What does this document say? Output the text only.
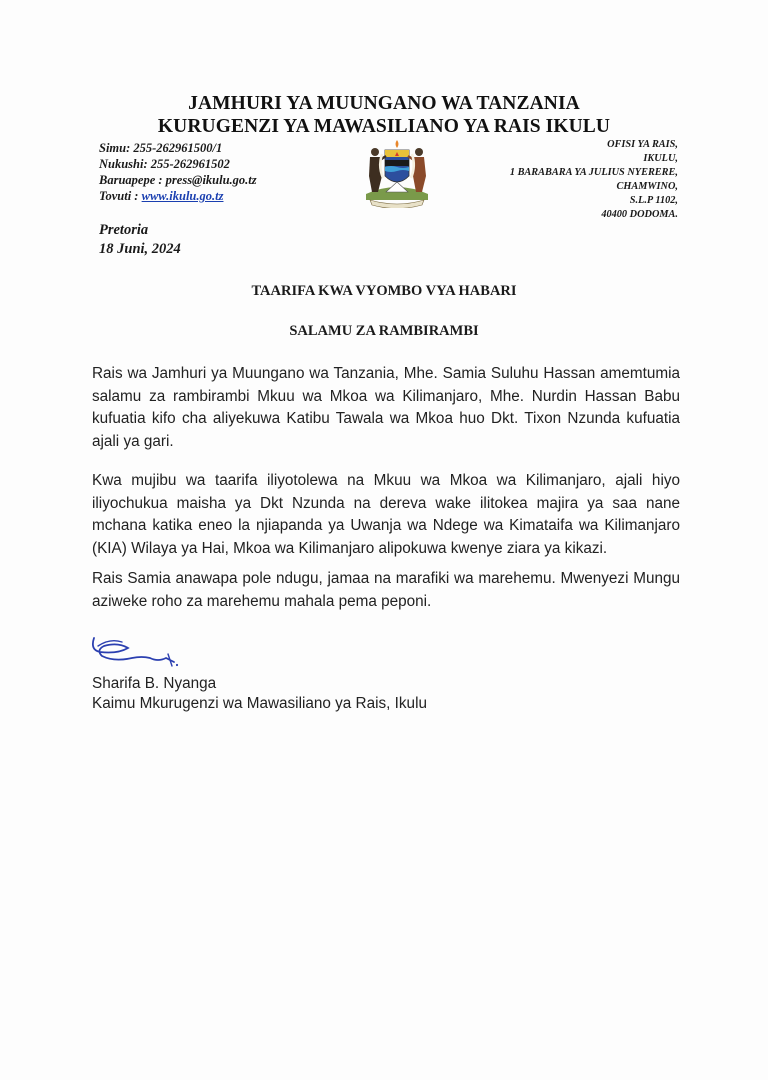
JAMHURI YA MUUNGANO WA TANZANIA
KURUGENZI YA MAWASILIANO YA RAIS IKULU
Simu: 255-262961500/1
Nukushi: 255-262961502
Baruapepe : press@ikulu.go.tz
Tovuti : www.ikulu.go.tz
OFISI YA RAIS,
IKULU,
1 BARABARA YA JULIUS NYERERE,
CHAMWINO,
S.L.P 1102,
40400 DODOMA.
Pretoria
18 Juni, 2024
TAARIFA KWA VYOMBO VYA HABARI
SALAMU ZA RAMBIRAMBI
Rais wa Jamhuri ya Muungano wa Tanzania, Mhe. Samia Suluhu Hassan amemtumia salamu za rambirambi Mkuu wa Mkoa wa Kilimanjaro, Mhe. Nurdin Hassan Babu kufuatia kifo cha aliyekuwa Katibu Tawala wa Mkoa huo Dkt. Tixon Nzunda kufuatia ajali ya gari.
Kwa mujibu wa taarifa iliyotolewa na Mkuu wa Mkoa wa Kilimanjaro, ajali hiyo iliyochukua maisha ya Dkt Nzunda na dereva wake ilitokea majira ya saa nane mchana katika eneo la njiapanda ya Uwanja wa Ndege wa Kimataifa wa Kilimanjaro (KIA) Wilaya ya Hai, Mkoa wa Kilimanjaro alipokuwa kwenye ziara ya kikazi.
Rais Samia anawapa pole ndugu, jamaa na marafiki wa marehemu. Mwenyezi Mungu aziweke roho za marehemu mahala pema peponi.
Sharifa B. Nyanga
Kaimu Mkurugenzi wa Mawasiliano ya Rais, Ikulu
